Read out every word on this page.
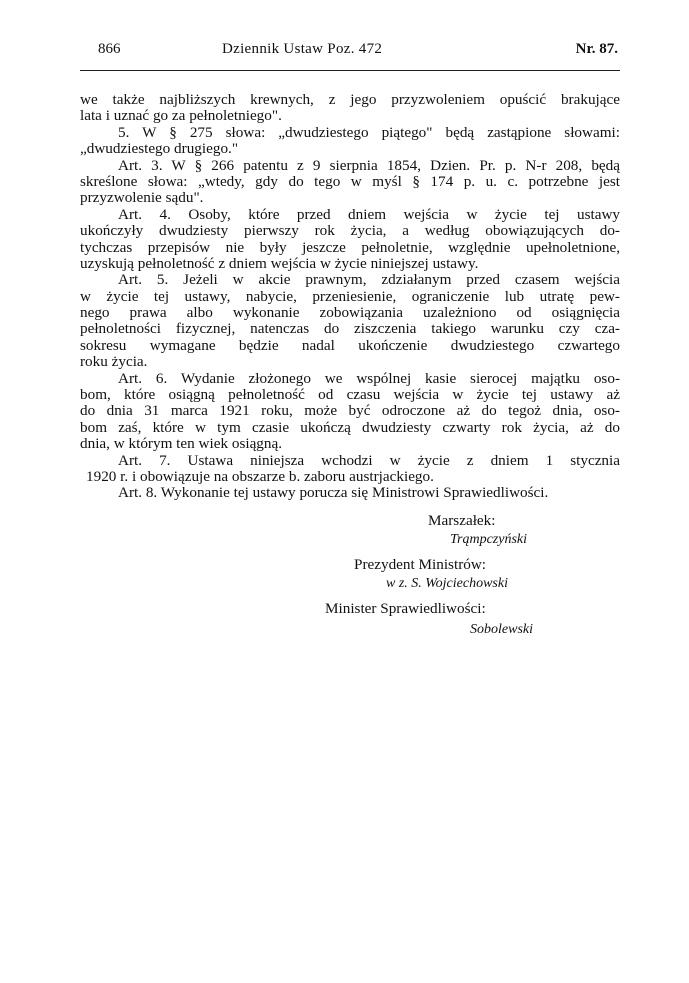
866	Dziennik Ustaw Poz. 472	Nr. 87.
we także najbliższych krewnych, z jego przyzwoleniem opuścić brakujące
lata i uznać go za pełnoletniego".
5. W § 275 słowa: „dwudziestego piątego" będą zastąpione słowami:
„dwudziestego drugiego."
Art. 3. W § 266 patentu z 9 sierpnia 1854, Dzien. Pr. p. N-r 208, będą
skreślone słowa: „wtedy, gdy do tego w myśl § 174 p. u. c. potrzebne jest
przyzwolenie sądu".
Art. 4. Osoby, które przed dniem wejścia w życie tej ustawy
ukończyły dwudziesty pierwszy rok życia, a według obowiązujących do-
tychczas przepisów nie były jeszcze pełnoletnie, względnie upełnoletnione,
uzyskują pełnoletność z dniem wejścia w życie niniejszej ustawy.
Art. 5. Jeżeli w akcie prawnym, zdziałanym przed czasem wejścia
w życie tej ustawy, nabycie, przeniesienie, ograniczenie lub utratę pew-
nego prawa albo wykonanie zobowiązania uzależniono od osiągnięcia
pełnoletności fizycznej, natenczas do ziszczenia takiego warunku czy cza-
sokresu wymagane będzie nadal ukończenie dwudziestego czwartego
roku życia.
Art. 6. Wydanie złożonego we wspólnej kasie sierocej majątku oso-
bom, które osiągną pełnoletność od czasu wejścia w życie tej ustawy aż
do dnia 31 marca 1921 roku, może być odroczone aż do tegoż dnia, oso-
bom zaś, które w tym czasie ukończą dwudziesty czwarty rok życia, aż do
dnia, w którym ten wiek osiągną.
Art. 7. Ustawa niniejsza wchodzi w życie z dniem 1 stycznia
1920 r. i obowiązuje na obszarze b. zaboru austrjackiego.
Art. 8. Wykonanie tej ustawy porucza się Ministrowi Sprawiedliwości.
Marszałek:
Trąmpczyński
Prezydent Ministrów:
w z. S. Wojciechowski
Minister Sprawiedliwości:
Sobolewski
